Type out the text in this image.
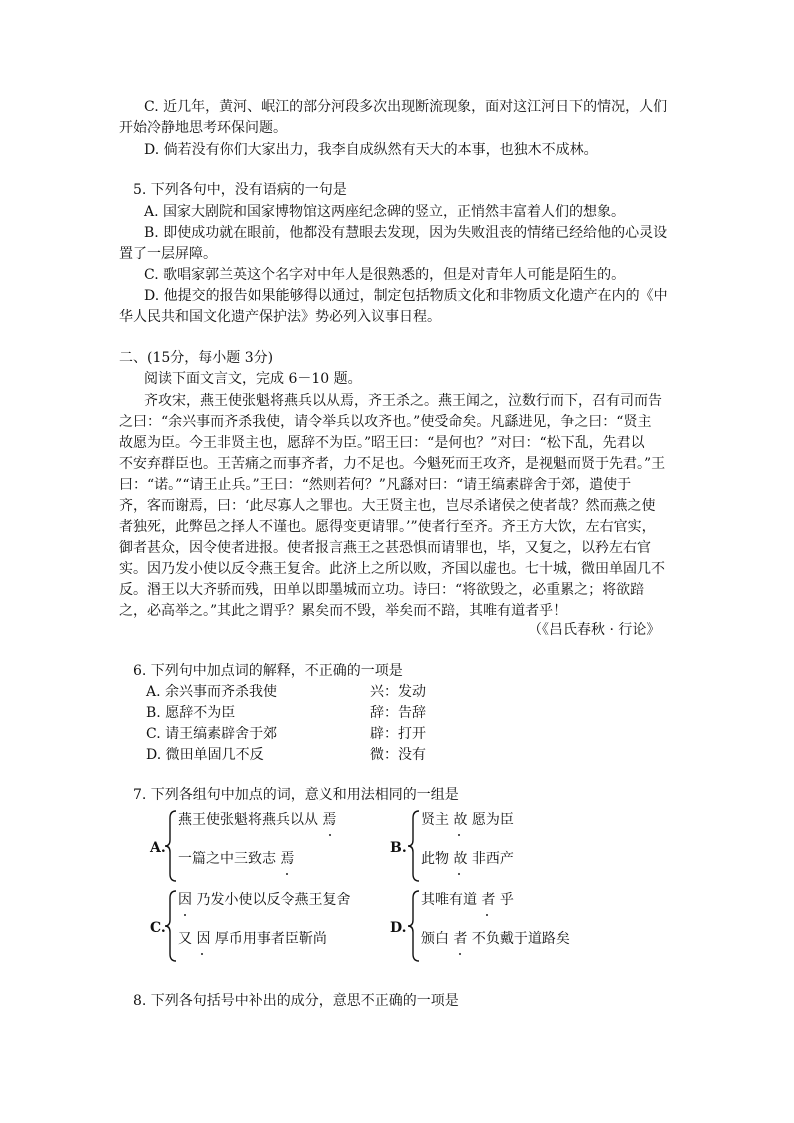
C. 近几年，黄河、岷江的部分河段多次出现断流现象，面对这江河日下的情况，人们
开始冷静地思考环保问题。
D. 倘若没有你们大家出力，我李自成纵然有天大的本事，也独木不成林。
5. 下列各句中，没有语病的一句是
A. 国家大剧院和国家博物馆这两座纪念碑的竖立，正悄然丰富着人们的想象。
B. 即使成功就在眼前，他都没有慧眼去发现，因为失败沮丧的情绪已经给他的心灵设
置了一层屏障。
C. 歌唱家郭兰英这个名字对中年人是很熟悉的，但是对青年人可能是陌生的。
D. 他提交的报告如果能够得以通过，制定包括物质文化和非物质文化遗产在内的《中
华人民共和国文化遗产保护法》势必列入议事日程。
二、(15分，每小题 3分)
阅读下面文言文，完成 6－10 题。
齐攻宋，燕王使张魁将燕兵以从焉，齐王杀之。燕王闻之，泣数行而下，召有司而告
之曰：“余兴事而齐杀我使，请令举兵以攻齐也。”使受命矣。凡繇进见，争之曰：“贤主
故愿为臣。今王非贤主也，愿辞不为臣。”昭王曰：“是何也？”对曰：“松下乱，先君以
不安弃群臣也。王苦痛之而事齐者，力不足也。今魁死而王攻齐，是视魁而贤于先君。”王
曰：“诺。”“请王止兵。”王曰：“然则若何？”凡繇对曰：“请王缟素辟舍于郊，遣使于
齐，客而谢焉，曰：‘此尽寡人之罪也。大王贤主也，岂尽杀诸侯之使者哉？然而燕之使
者独死，此弊邑之择人不谨也。愿得变更请罪。’”使者行至齐。齐王方大饮，左右官实，
御者甚众，因令使者进报。使者报言燕王之甚恐惧而请罪也，毕，又复之，以矜左右官
实。因乃发小使以反令燕王复舍。此济上之所以败，齐国以虚也。七十城，微田单固几不
反。湣王以大齐骄而残，田单以即墨城而立功。诗曰：“将欲毁之，必重累之；将欲踣
之，必高举之。”其此之谓乎？累矣而不毁，举矣而不踣，其唯有道者乎！
（《吕氏春秋 · 行论》
6. 下列句中加点词的解释，不正确的一项是
A. 余兴事而齐杀我使	兴：发动
B. 愿辞不为臣	辞：告辞
C. 请王缟素辟舍于郊	辟：打开
D. 微田单固几不反	微：没有
7. 下列各组句中加点的词，意义和用法相同的一组是
A.
燕王使张魁将燕兵以从 焉
一篇之中三致志 焉
B.
贤主 故 愿为臣
此物 故 非西产
C.
因 乃发小使以反令燕王复舍
又 因 厚币用事者臣靳尚
D.
其唯有道 者 乎
颁白 者 不负戴于道路矣
8. 下列各句括号中补出的成分，意思不正确的一项是
